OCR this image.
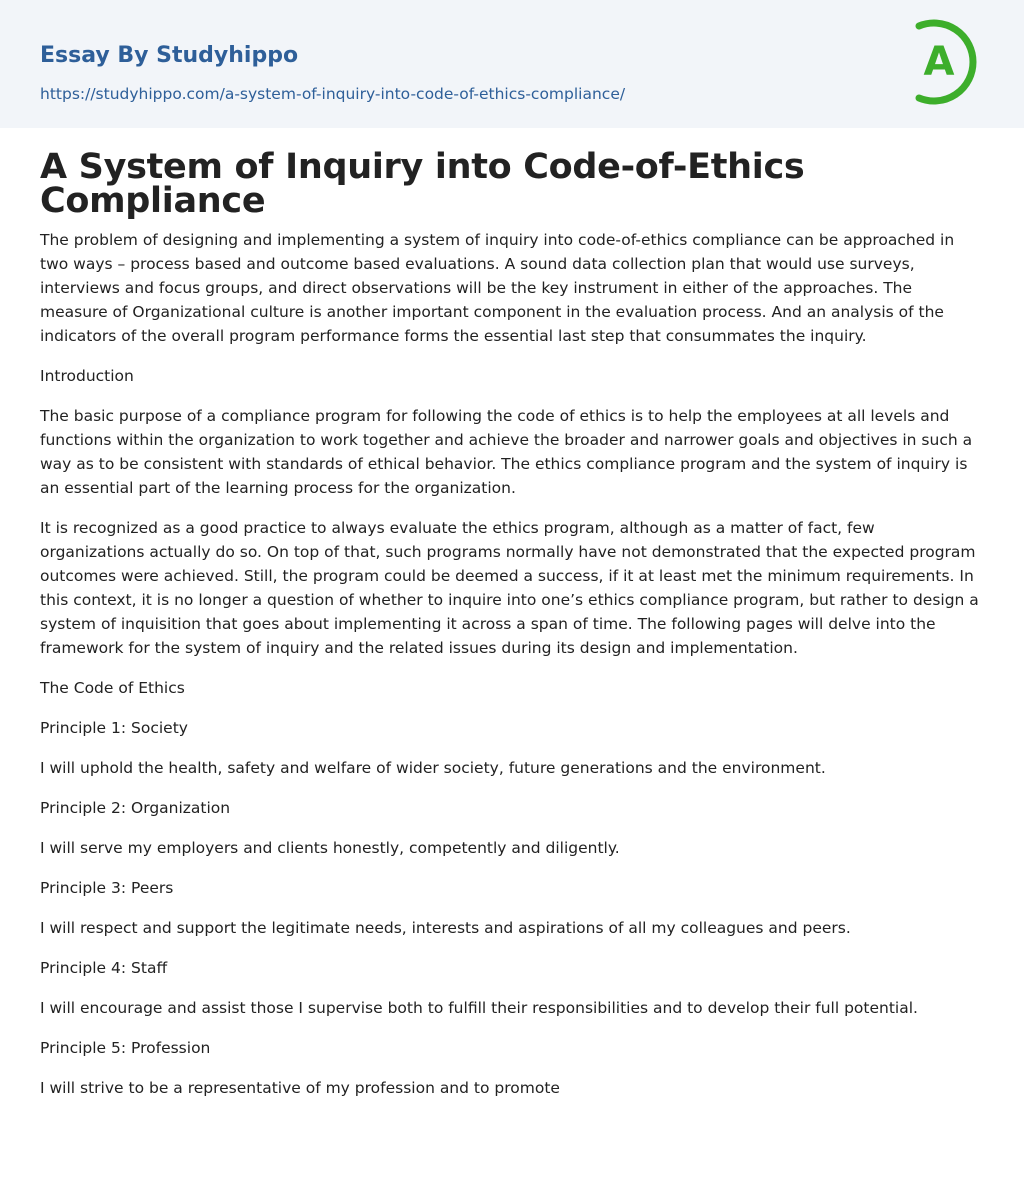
Essay By Studyhippo
https://studyhippo.com/a-system-of-inquiry-into-code-of-ethics-compliance/
A
A System of Inquiry into Code-of-Ethics Compliance

The problem of designing and implementing a system of inquiry into code-of-ethics compliance can be approached in two ways – process based and outcome based evaluations. A sound data collection plan that would use surveys, interviews and focus groups, and direct observations will be the key instrument in either of the approaches. The measure of Organizational culture is another important component in the evaluation process. And an analysis of the indicators of the overall program performance forms the essential last step that consummates the inquiry.

Introduction

The basic purpose of a compliance program for following the code of ethics is to help the employees at all levels and functions within the organization to work together and achieve the broader and narrower goals and objectives in such a way as to be consistent with standards of ethical behavior. The ethics compliance program and the system of inquiry is an essential part of the learning process for the organization.

It is recognized as a good practice to always evaluate the ethics program, although as a matter of fact, few organizations actually do so. On top of that, such programs normally have not demonstrated that the expected program outcomes were achieved. Still, the program could be deemed a success, if it at least met the minimum requirements. In this context, it is no longer a question of whether to inquire into one’s ethics compliance program, but rather to design a system of inquisition that goes about implementing it across a span of time. The following pages will delve into the framework for the system of inquiry and the related issues during its design and implementation.

The Code of Ethics

Principle 1: Society

I will uphold the health, safety and welfare of wider society, future generations and the environment.

Principle 2: Organization

I will serve my employers and clients honestly, competently and diligently.

Principle 3: Peers

I will respect and support the legitimate needs, interests and aspirations of all my colleagues and peers.

Principle 4: Staff

I will encourage and assist those I supervise both to fulfill their responsibilities and to develop their full potential.

Principle 5: Profession

I will strive to be a representative of my profession and to promote
